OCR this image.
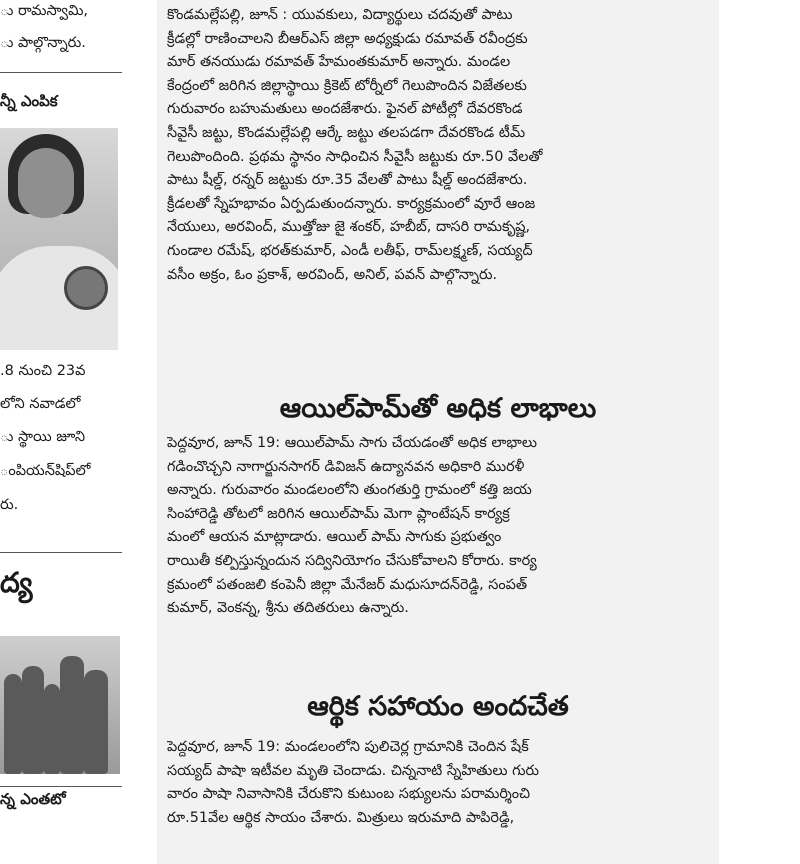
ు రామస్వామి,
ు పాల్గొన్నారు.
న్నీ ఎంపిక
.8 నుంచి 23వ
లోని నవాడలో
ు స్థాయి జూని
ంపియన్‌షిప్‌లో
రు.
ద్య
న్న ఎంతటో
కొండమల్లేపల్లి, జూన్ : యువకులు, విద్యార్థులు చదవుతో పాటు
క్రీడల్లో రాణించాలని బీఆర్ఎస్ జిల్లా అధ్యక్షుడు రమావత్ రవీంద్రకు
మార్ తనయుడు రమావత్ హేమంతకుమార్ అన్నారు. మండల
కేంద్రంలో జరిగిన జిల్లాస్థాయి క్రికెట్ టోర్నీలో గెలుపొందిన విజేతలకు
గురువారం బహుమతులు అందజేశారు. ఫైనల్ పోటీల్లో దేవరకొండ
సీవైసీ జట్టు, కొండమల్లేపల్లి ఆర్కే జట్టు తలపడగా దేవరకొండ టీమ్
గెలుపొందింది. ప్రథమ స్థానం సాధించిన సీవైసీ జట్టుకు రూ.50 వేలతో
పాటు షీల్డ్, రన్నర్ జట్టుకు రూ.35 వేలతో పాటు షీల్డ్ అందజేశారు.
క్రీడలతో స్నేహభావం ఏర్పడుతుందన్నారు. కార్యక్రమంలో వూరే ఆంజ
నేయులు, అరవింద్, ముత్తోజు జై శంకర్, హబీబ్, దాసరి రామకృష్ణ,
గుండాల రమేష్, భరత్‌కుమార్, ఎండీ లతీఫ్, రామ్‌లక్ష్మణ్, సయ్యద్
వసీం అక్రం, ఓం ప్రకాశ్, అరవింద్, అనిల్, పవన్ పాల్గొన్నారు.
ఆయిల్‌పామ్‌తో అధిక లాభాలు
పెద్దవూర, జూన్ 19: ఆయిల్‌పామ్ సాగు చేయడంతో అధిక లాభాలు
గడించొచ్చని నాగార్జునసాగర్ డివిజన్ ఉద్యానవన అధికారి మురళీ
అన్నారు. గురువారం మండలంలోని తుంగతుర్తి గ్రామంలో కత్తి జయ
సింహారెడ్డి తోటలో జరిగిన ఆయిల్‌పామ్ మెగా ప్లాంటేషన్ కార్యక్ర
మంలో ఆయన మాట్లాడారు. ఆయిల్ పామ్ సాగుకు ప్రభుత్వం
రాయితీ కల్పిస్తున్నందున సద్వినియోగం చేసుకోవాలని కోరారు. కార్య
క్రమంలో పతంజలి కంపెనీ జిల్లా మేనేజర్ మధుసూదన్‌రెడ్డి, సంపత్
కుమార్, వెంకన్న, శ్రీను తదితరులు ఉన్నారు.
ఆర్థిక సహాయం అందచేత
పెద్దవూర, జూన్ 19: మండలంలోని పులిచెర్ల గ్రామానికి చెందిన షేక్
సయ్యద్ పాషా ఇటీవల మృతి చెందాడు. చిన్ననాటి స్నేహితులు గురు
వారం పాషా నివాసానికి చేరుకొని కుటుంబ సభ్యులను పరామర్శించి
రూ.51వేల ఆర్థిక సాయం చేశారు. మిత్రులు ఇరుమాది పాపిరెడ్డి,
